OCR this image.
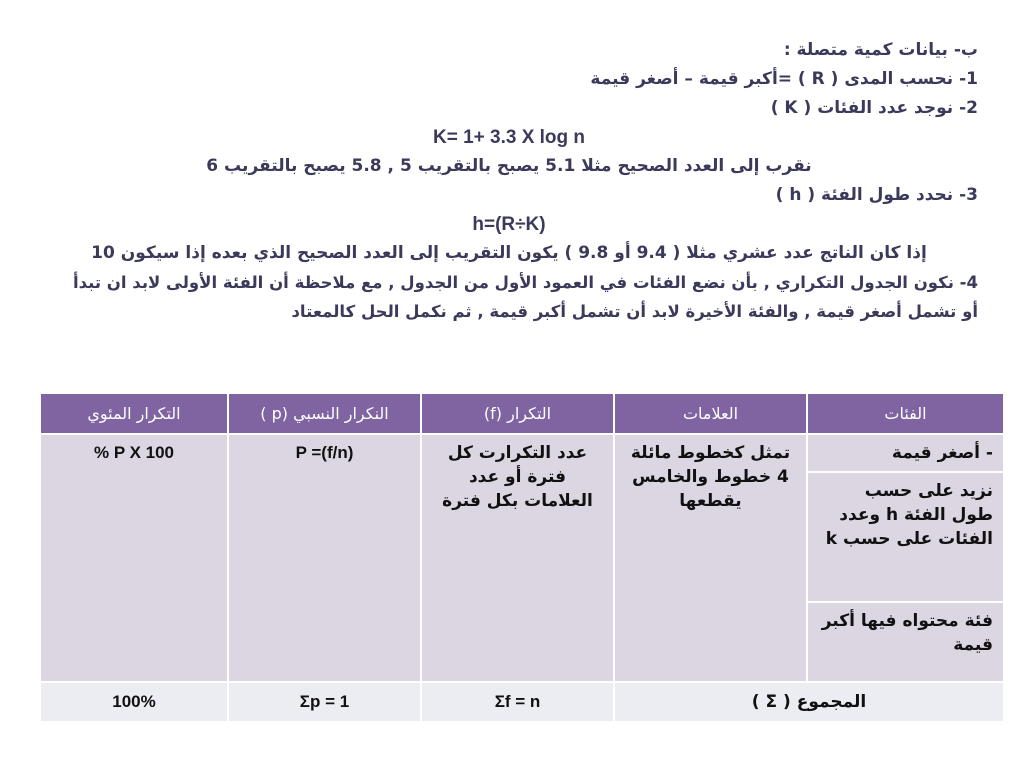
ب- بيانات كمية متصلة :
1- نحسب المدى ( R ) =أكبر قيمة – أصغر قيمة
2- نوجد عدد الفئات ( K )
K= 1+ 3.3 X log n
نقرب إلى العدد الصحيح مثلا 5.1 يصبح بالتقريب 5 , 5.8 يصبح بالتقريب 6
3- نحدد طول الفئة ( h )
h=(R÷K)
إذا كان الناتج عدد عشري مثلا ( 9.4 أو 9.8 ) يكون التقريب إلى العدد الصحيح الذي بعده إذا سيكون 10
4- نكون الجدول التكراري , بأن نضع الفئات في العمود الأول من الجدول , مع ملاحظة أن الفئة الأولى لابد ان تبدأ
أو تشمل أصغر قيمة , والفئة الأخيرة لابد أن تشمل أكبر قيمة , ثم نكمل الحل كالمعتاد
الفئات	العلامات	التكرار (f)	النكرار النسبي (p )	التكرار المئوي
- أصغر قيمة	تمثل كخطوط مائلة 4 خطوط والخامس يقطعها	عدد التكرارت كل فترة أو عدد العلامات بكل فترة	P =(f/n)	P X 100 %
نزيد على حسب طول الفئة h وعدد الفئات على حسب k				
فئة محتواه فيها أكبر قيمة				
المجموع ( Σ )		Σf = n	Σp = 1	100%
